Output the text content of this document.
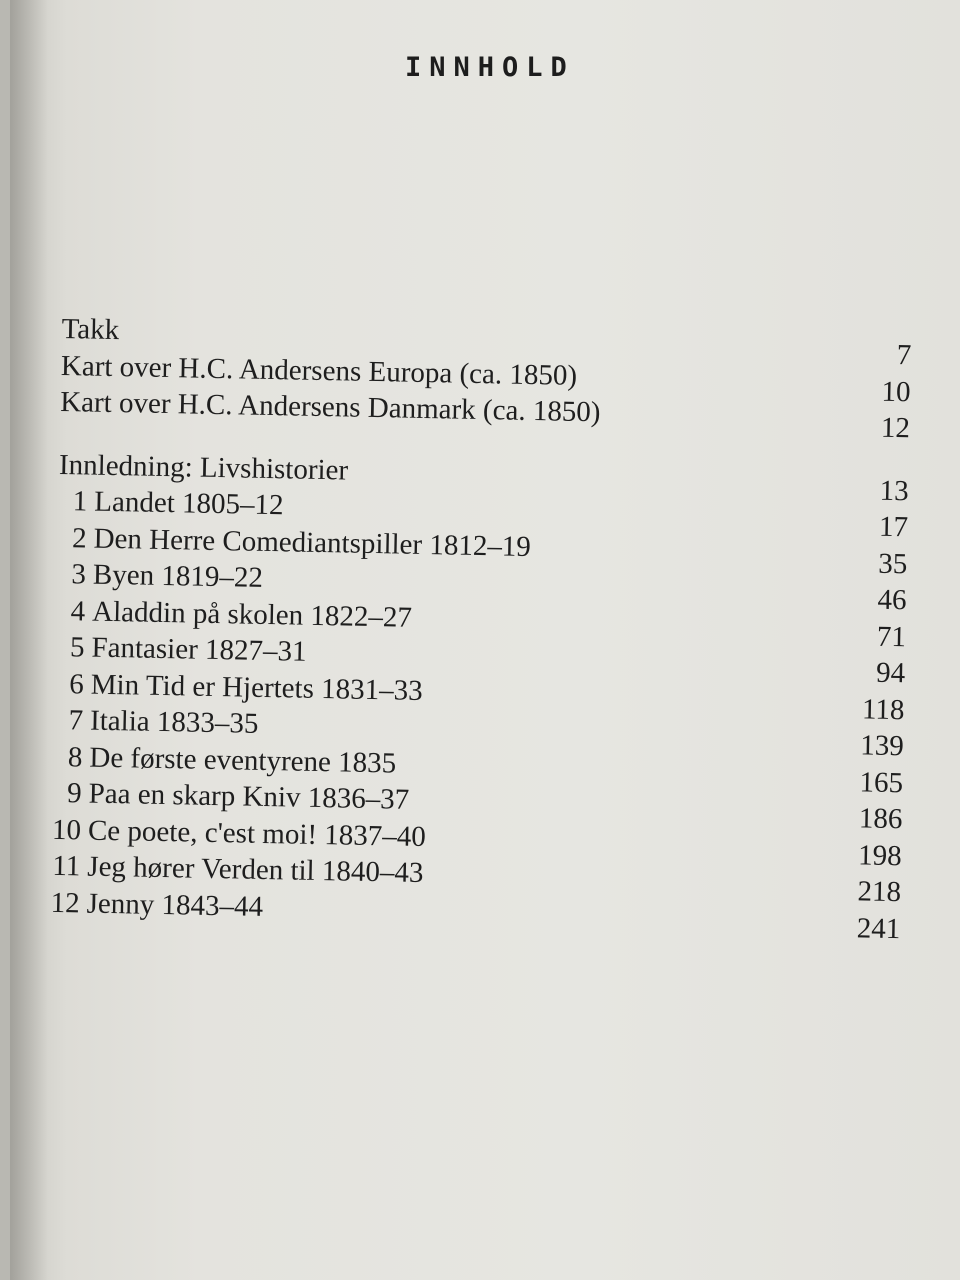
INNHOLD
Takk
7
Kart over H.C. Andersens Europa (ca. 1850)
10
Kart over H.C. Andersens Danmark (ca. 1850)	12
Innledning: Livshistorier
13
1 Landet 1805–12
17
2 Den Herre Comediantspiller 1812–19
35
3 Byen 1819–22
46
4 Aladdin på skolen 1822–27
71
5 Fantasier 1827–31
94
6 Min Tid er Hjertets 1831–33
118
7 Italia 1833–35
139
8 De første eventyrene 1835
165
9 Paa en skarp Kniv 1836–37
186
10 Ce poete, c'est moi! 1837–40
198
11 Jeg hører Verden til 1840–43
218
12 Jenny 1843–44
241
